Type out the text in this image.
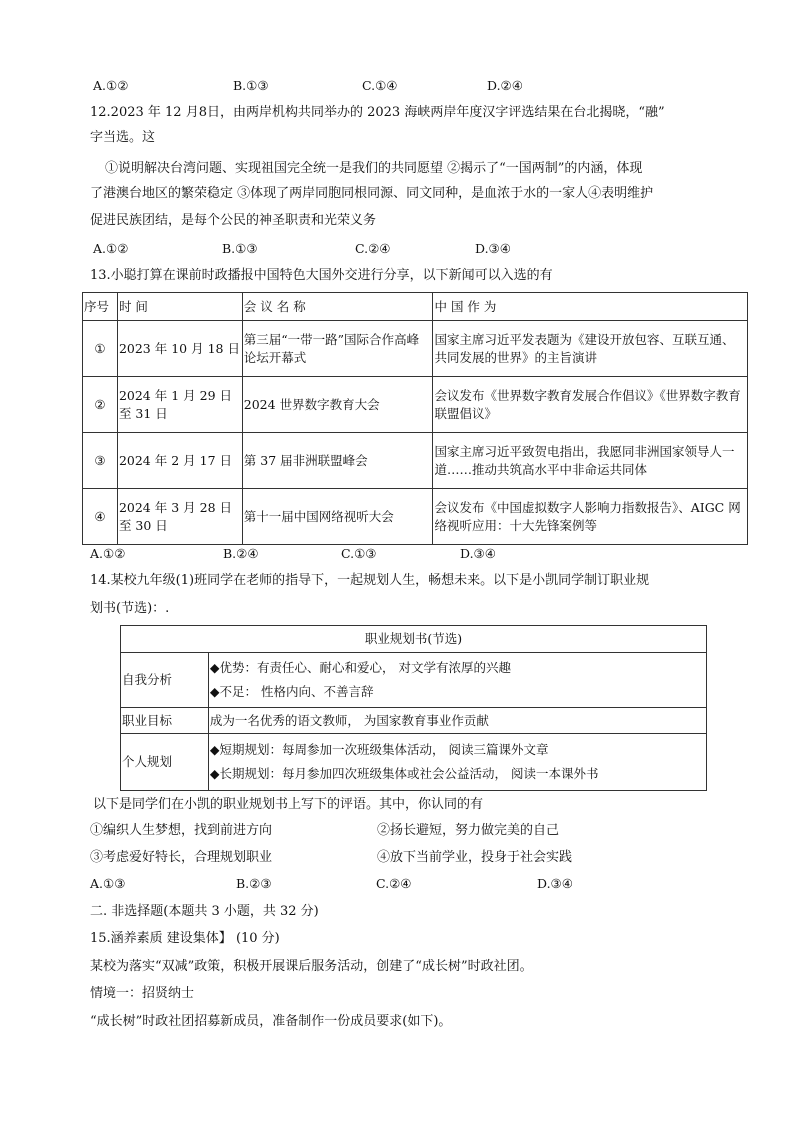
A.①②	B.①③	C.①④	D.②④
12.2023 年 12 月8日，由两岸机构共同举办的 2023 海峡两岸年度汉字评选结果在台北揭晓，“融”
字当选。这
①说明解决台湾问题、实现祖国完全统一是我们的共同愿望 ②揭示了“一国两制”的内涵，体现
了港澳台地区的繁荣稳定 ③体现了两岸同胞同根同源、同文同种，是血浓于水的一家人④表明维护
促进民族团结，是每个公民的神圣职责和光荣义务
A.①②	B.①③	C.②④	D.③④
13.小聪打算在课前时政播报中国特色大国外交进行分享，以下新闻可以入选的有
序号	时 间	会 议 名 称	中 国 作 为
①	2023 年 10 月 18 日	第三届“一带一路”国际合作高峰论坛开幕式	国家主席习近平发表题为《建设开放包容、互联互通、共同发展的世界》的主旨演讲
②	2024 年 1 月 29 日至 31 日	2024 世界数字教育大会	会议发布《世界数字教育发展合作倡议》《世界数字教育联盟倡议》
③	2024 年 2 月 17 日	第 37 届非洲联盟峰会	国家主席习近平致贺电指出，我愿同非洲国家领导人一道……推动共筑高水平中非命运共同体
④	2024 年 3 月 28 日至 30 日	第十一届中国网络视听大会	会议发布《中国虚拟数字人影响力指数报告》、AIGC 网络视听应用：十大先锋案例等
A.①②	B.②④	C.①③	D.③④
14.某校九年级(1)班同学在老师的指导下，一起规划人生，畅想未来。以下是小凯同学制订职业规
划书(节选)：.
职业规划书(节选)	
自我分析	◆优势：有责任心、耐心和爱心， 对文学有浓厚的兴趣
◆不足： 性格内向、不善言辞

职业目标	成为一名优秀的语文教师， 为国家教育事业作贡献
个人规划	◆短期规划：每周参加一次班级集体活动， 阅读三篇课外文章
◆长期规划：每月参加四次班级集体或社会公益活动， 阅读一本课外书
以下是同学们在小凯的职业规划书上写下的评语。其中，你认同的有
①编织人生梦想，找到前进方向	②扬长避短，努力做完美的自己
③考虑爱好特长，合理规划职业	④放下当前学业，投身于社会实践
A.①③	B.②③	C.②④	D.③④
二. 非选择题(本题共 3 小题，共 32 分)
15.涵养素质 建设集体】 (10 分)
某校为落实“双减”政策，积极开展课后服务活动，创建了“成长树”时政社团。
情境一：招贤纳士
“成长树”时政社团招募新成员，准备制作一份成员要求(如下)。
